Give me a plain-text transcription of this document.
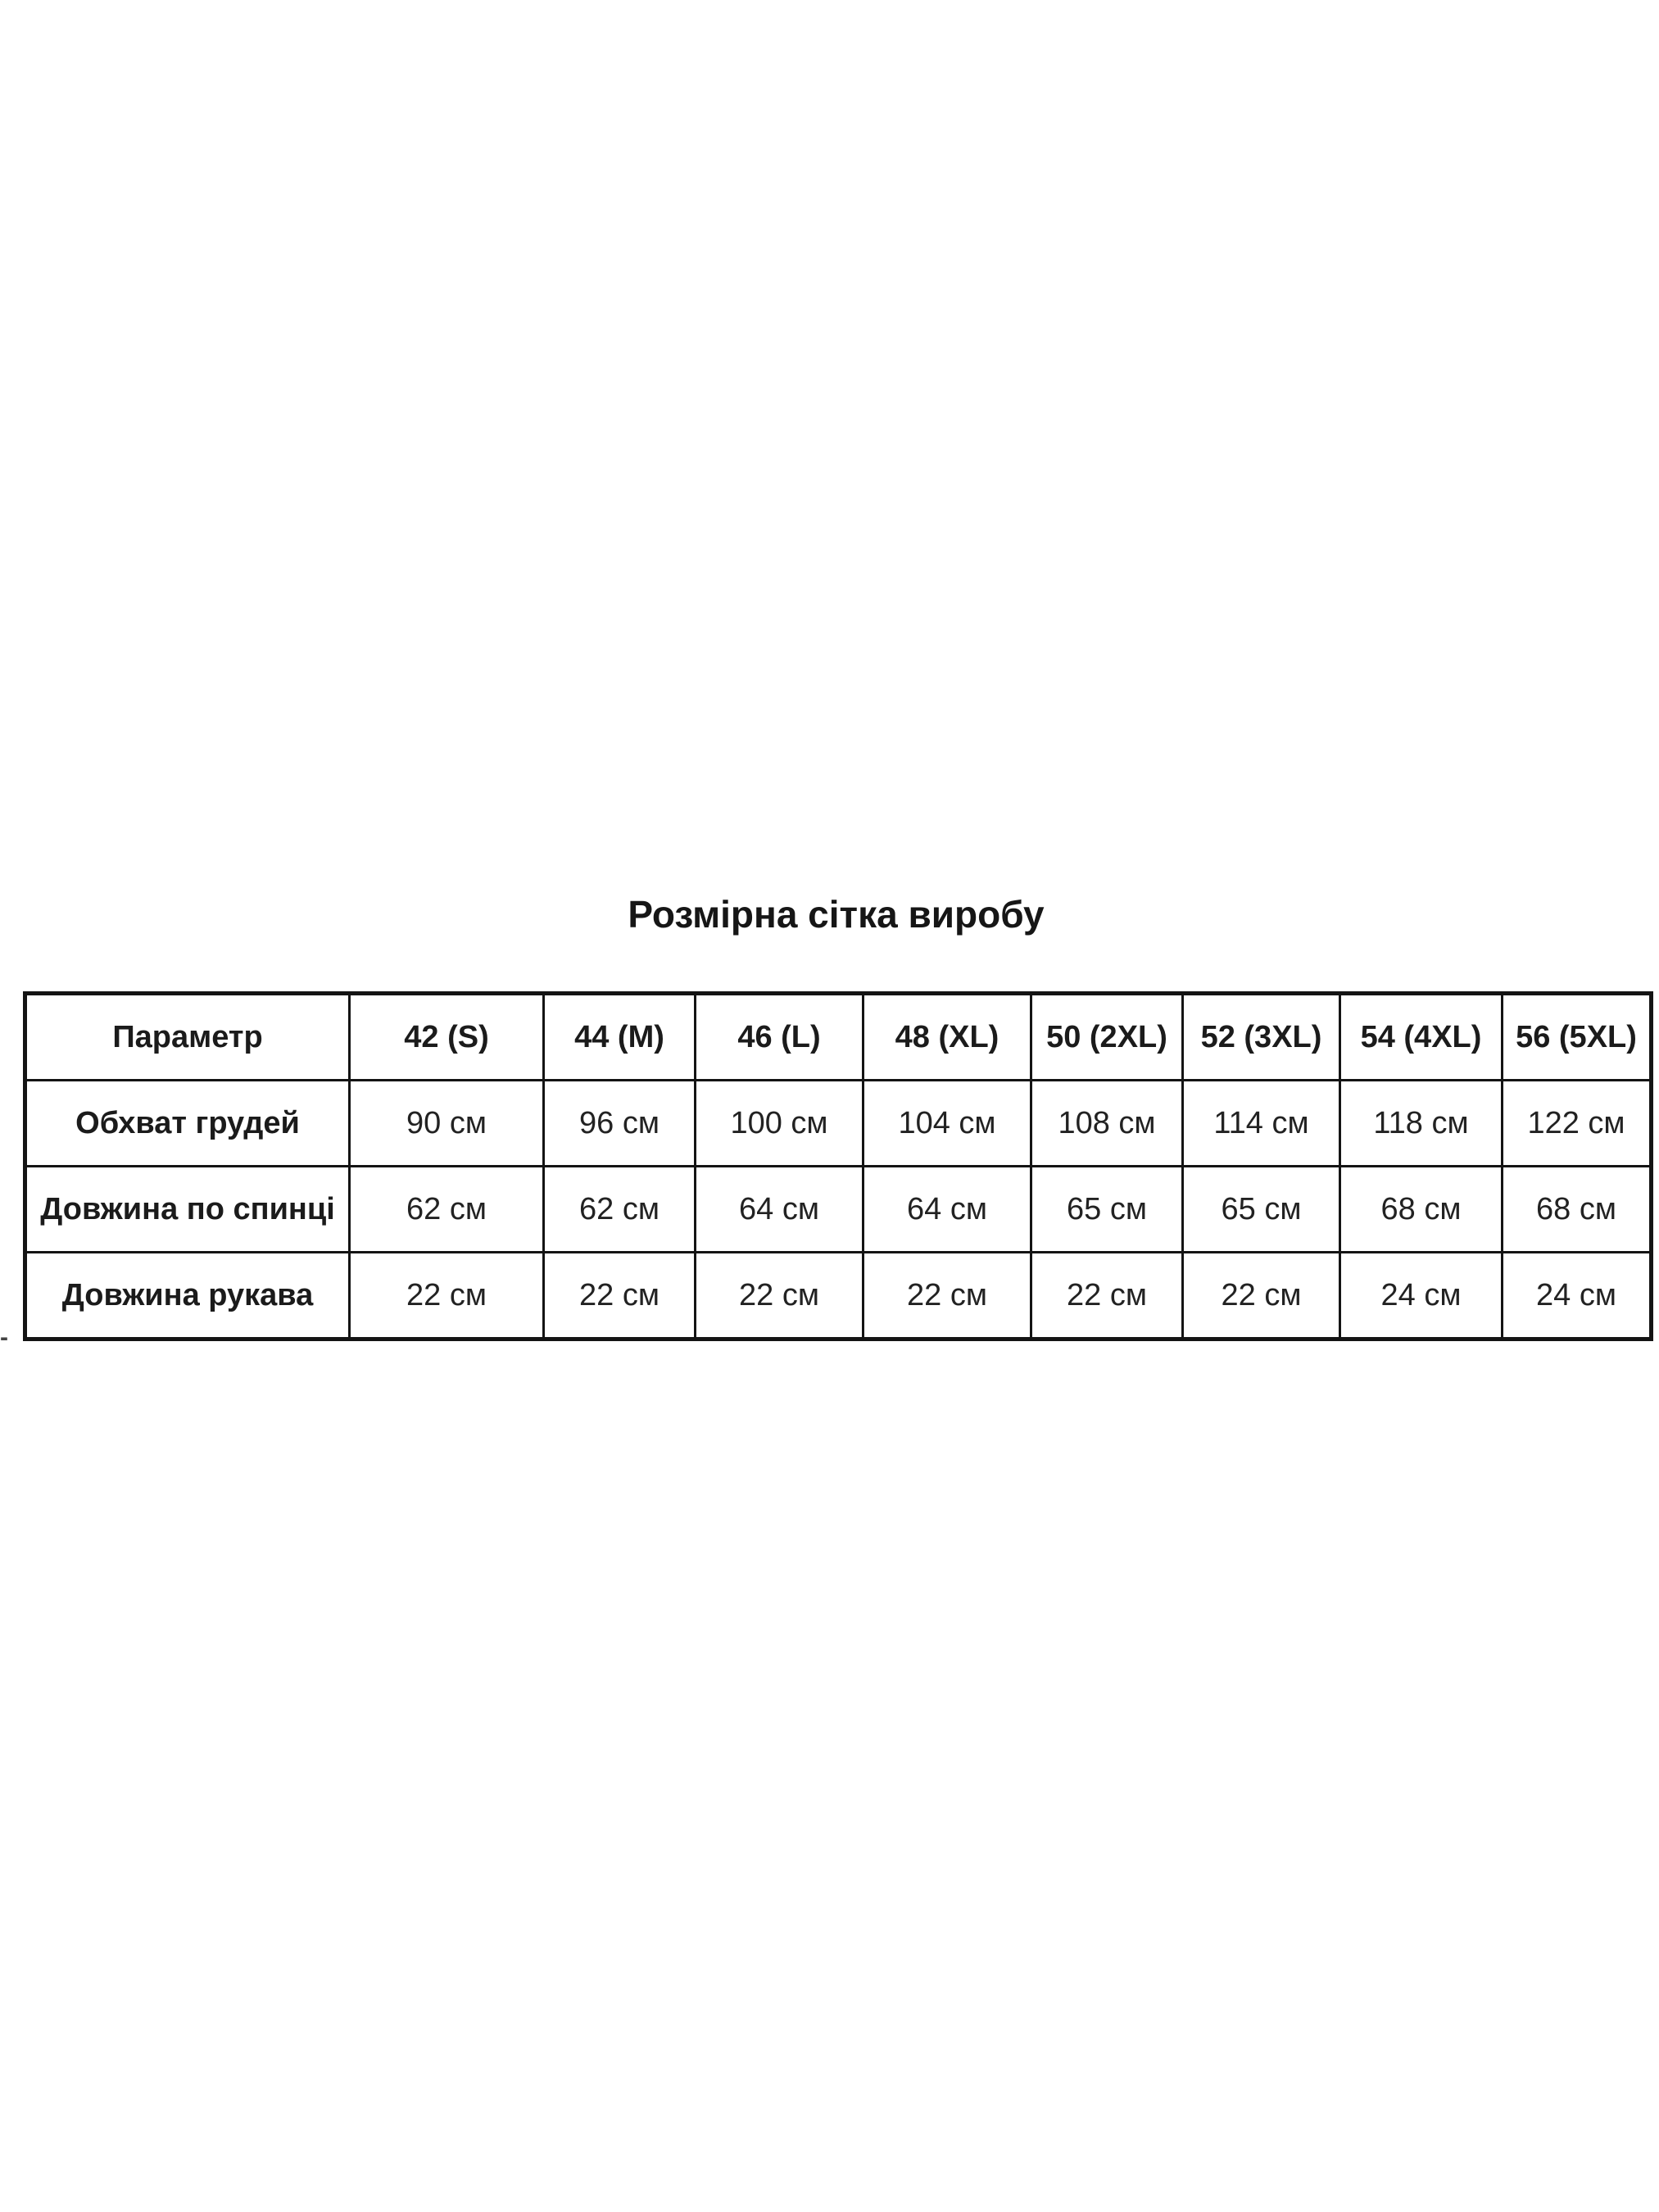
Розмірна сітка виробу
Параметр	42 (S)	44 (M)	46 (L)	48 (XL)	50 (2XL)	52 (3XL)	54 (4XL)	56 (5XL)
Обхват грудей	90 см	96 см	100 см	104 см	108 см	114 см	118 см	122 см
Довжина по спинці	62 см	62 см	64 см	64 см	65 см	65 см	68 см	68 см
Довжина рукава	22 см	22 см	22 см	22 см	22 см	22 см	24 см	24 см
-
